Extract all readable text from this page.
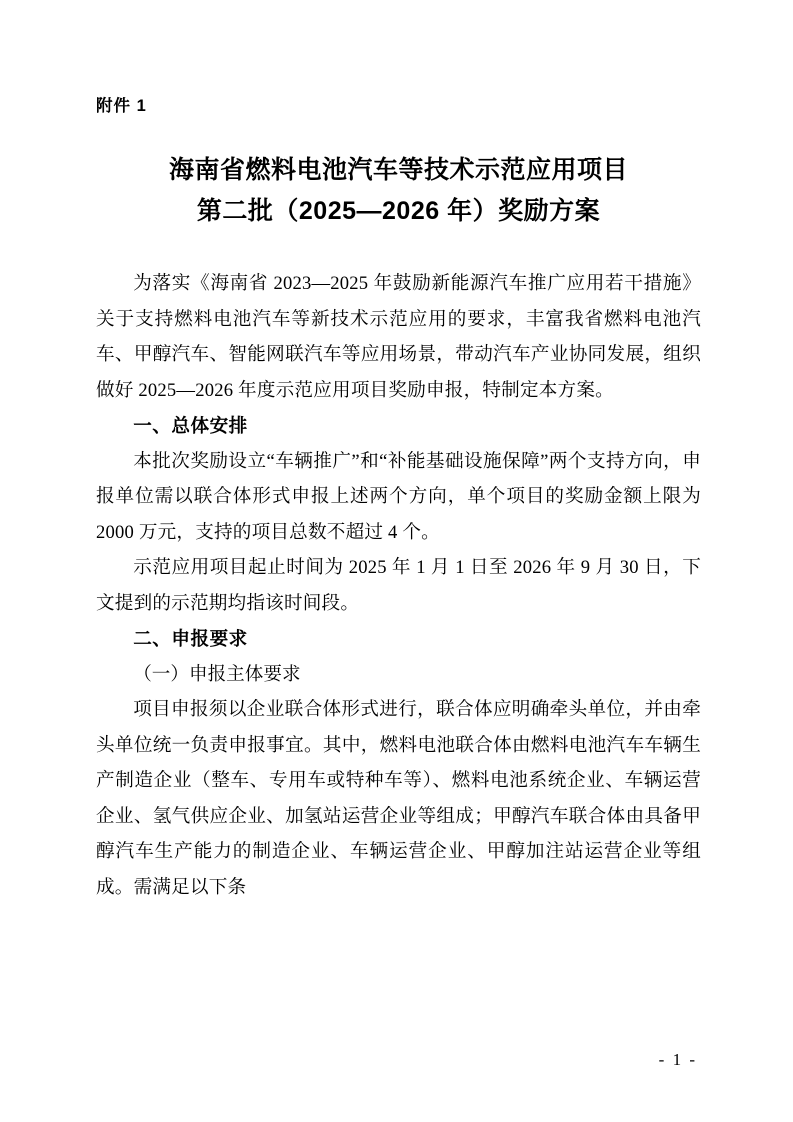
附件 1
海南省燃料电池汽车等技术示范应用项目
第二批（2025—2026 年）奖励方案

为落实《海南省 2023—2025 年鼓励新能源汽车推广应用若干措施》关于支持燃料电池汽车等新技术示范应用的要求，丰富我省燃料电池汽车、甲醇汽车、智能网联汽车等应用场景，带动汽车产业协同发展，组织做好 2025—2026 年度示范应用项目奖励申报，特制定本方案。

一、总体安排

本批次奖励设立“车辆推广”和“补能基础设施保障”两个支持方向，申报单位需以联合体形式申报上述两个方向，单个项目的奖励金额上限为 2000 万元，支持的项目总数不超过 4 个。

示范应用项目起止时间为 2025 年 1 月 1 日至 2026 年 9 月 30 日，下文提到的示范期均指该时间段。

二、申报要求

（一）申报主体要求

项目申报须以企业联合体形式进行，联合体应明确牵头单位，并由牵头单位统一负责申报事宜。其中，燃料电池联合体由燃料电池汽车车辆生产制造企业（整车、专用车或特种车等）、燃料电池系统企业、车辆运营企业、氢气供应企业、加氢站运营企业等组成；甲醇汽车联合体由具备甲醇汽车生产能力的制造企业、车辆运营企业、甲醇加注站运营企业等组成。需满足以下条

- 1 -
